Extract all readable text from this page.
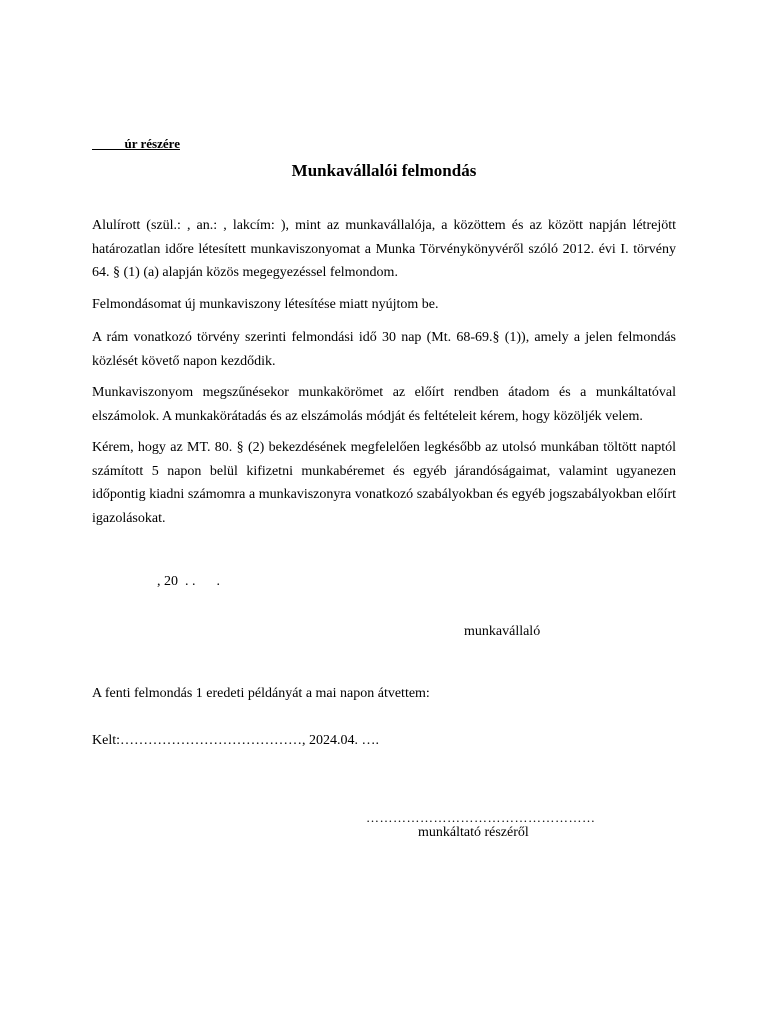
úr részére
Munkavállalói felmondás

Alulírott (szül.: , an.: , lakcím: ), mint az munkavállalója, a közöttem és az között napján létrejött határozatlan időre létesített munkaviszonyomat a Munka Törvénykönyvéről szóló 2012. évi I. törvény 64. § (1) (a) alapján közös megegyezéssel felmondom.

Felmondásomat új munkaviszony létesítése miatt nyújtom be.

A rám vonatkozó törvény szerinti felmondási idő 30 nap (Mt. 68-69.§ (1)), amely a jelen felmondás közlését követő napon kezdődik.

Munkaviszonyom megszűnésekor munkakörömet az előírt rendben átadom és a munkáltatóval elszámolok. A munkakörátadás és az elszámolás módját és feltételeit kérem, hogy közöljék velem.

Kérem, hogy az MT. 80. § (2) bekezdésének megfelelően legkésőbb az utolsó munkában töltött naptól számított 5 napon belül kifizetni munkabéremet és egyéb járandóságaimat, valamint ugyanezen időpontig kiadni számomra a munkaviszonyra vonatkozó szabályokban és egyéb jogszabályokban előírt igazolásokat.

, 20  . .      .
munkavállaló
A fenti felmondás 1 eredeti példányát a mai napon átvettem:
Kelt:…………………………………, 2024.04. ….
……………………………………………
munkáltató részéről
